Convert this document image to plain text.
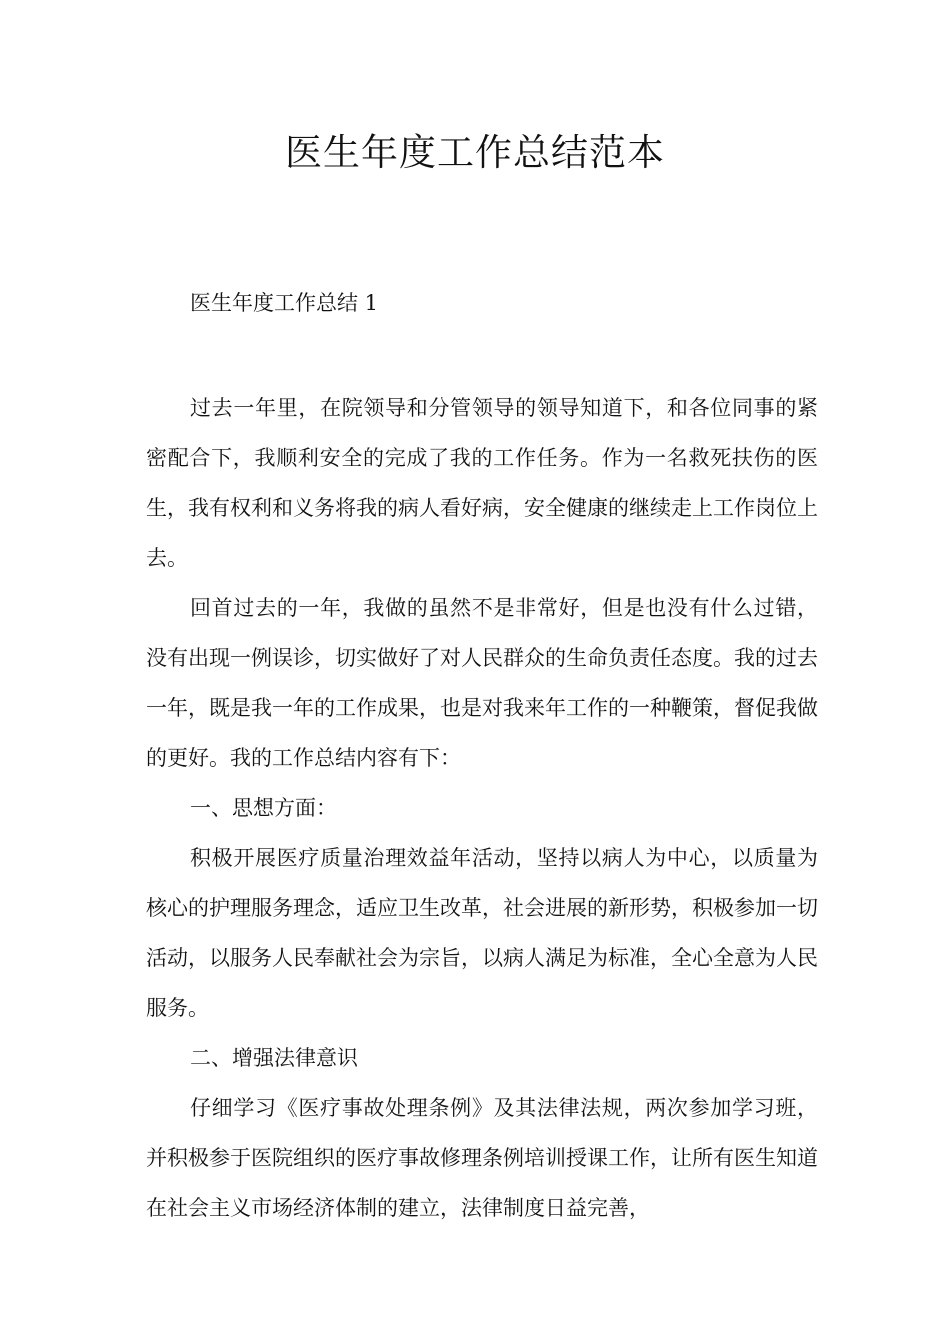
医生年度工作总结范本

医生年度工作总结 1

过去一年里，在院领导和分管领导的领导知道下，和各位同事的紧密配合下，我顺利安全的完成了我的工作任务。作为一名救死扶伤的医生，我有权利和义务将我的病人看好病，安全健康的继续走上工作岗位上去。

回首过去的一年，我做的虽然不是非常好，但是也没有什么过错，没有出现一例误诊，切实做好了对人民群众的生命负责任态度。我的过去一年，既是我一年的工作成果，也是对我来年工作的一种鞭策，督促我做的更好。我的工作总结内容有下：

一、思想方面：

积极开展医疗质量治理效益年活动，坚持以病人为中心，以质量为核心的护理服务理念，适应卫生改革，社会进展的新形势，积极参加一切活动，以服务人民奉献社会为宗旨，以病人满足为标准，全心全意为人民服务。

二、增强法律意识

仔细学习《医疗事故处理条例》及其法律法规，两次参加学习班，并积极参于医院组织的医疗事故修理条例培训授课工作，让所有医生知道在社会主义市场经济体制的建立，法律制度日益完善，
